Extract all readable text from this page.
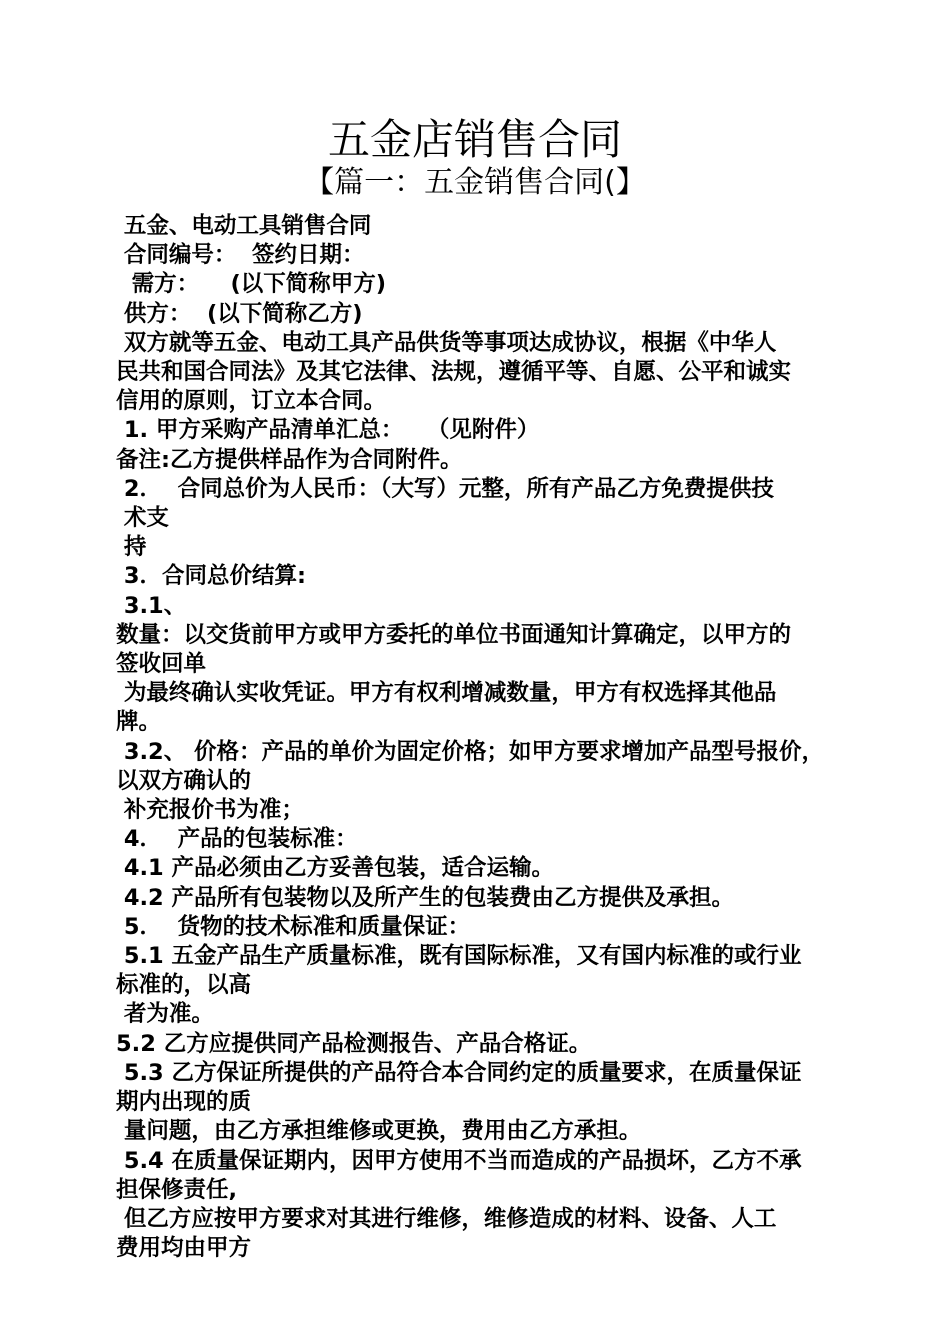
五金店销售合同
【篇一：五金销售合同(】

五金、电动工具销售合同

合同编号：  签约日期：

需方：    (以下简称甲方)

供方：  (以下简称乙方)

双方就等五金、电动工具产品供货等事项达成协议，根据《中华人

民共和国合同法》及其它法律、法规，遵循平等、自愿、公平和诚实

信用的原则，订立本合同。

1. 甲方采购产品清单汇总：   （见附件）

备注:乙方提供样品作为合同附件。

2．  合同总价为人民币：（大写）元整，所有产品乙方免费提供技

术支

持

3．合同总价结算:

3.1、

数量：以交货前甲方或甲方委托的单位书面通知计算确定，以甲方的

签收回单

为最终确认实收凭证。甲方有权利增减数量，甲方有权选择其他品

牌。

3.2、 价格：产品的单价为固定价格；如甲方要求增加产品型号报价，

以双方确认的

补充报价书为准；

4．  产品的包装标准：

4.1 产品必须由乙方妥善包装，适合运输。

4.2 产品所有包装物以及所产生的包装费由乙方提供及承担。

5．  货物的技术标准和质量保证：

5.1 五金产品生产质量标准，既有国际标准，又有国内标准的或行业

标准的，以高

者为准。

5.2 乙方应提供同产品检测报告、产品合格证。

5.3 乙方保证所提供的产品符合本合同约定的质量要求，在质量保证

期内出现的质

量问题，由乙方承担维修或更换，费用由乙方承担。

5.4 在质量保证期内，因甲方使用不当而造成的产品损坏，乙方不承

担保修责任,

但乙方应按甲方要求对其进行维修，维修造成的材料、设备、人工

费用均由甲方
